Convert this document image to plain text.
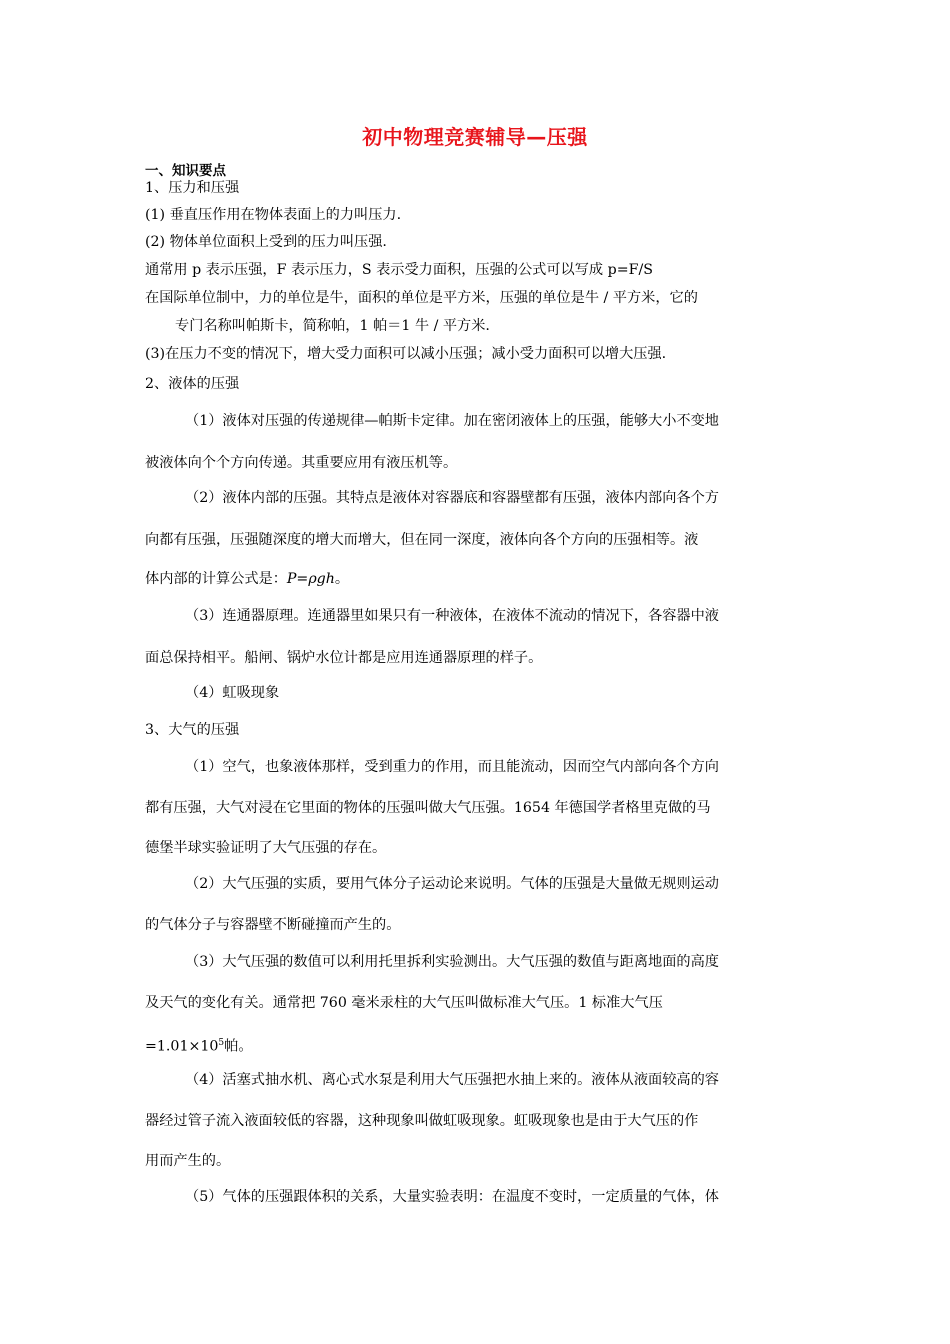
初中物理竞赛辅导—压强
一、知识要点
1、压力和压强
(1) 垂直压作用在物体表面上的力叫压力.
(2) 物体单位面积上受到的压力叫压强.
通常用 p 表示压强，F 表示压力，S 表示受力面积，压强的公式可以写成 p=F/S
在国际单位制中，力的单位是牛，面积的单位是平方米，压强的单位是牛 / 平方米，它的
专门名称叫帕斯卡，简称帕，1 帕＝1 牛 / 平方米.
(3)在压力不变的情况下，增大受力面积可以减小压强；减小受力面积可以增大压强.
2、液体的压强
（1）液体对压强的传递规律—帕斯卡定律。加在密闭液体上的压强，能够大小不变地
被液体向个个方向传递。其重要应用有液压机等。
（2）液体内部的压强。其特点是液体对容器底和容器壁都有压强，液体内部向各个方
向都有压强，压强随深度的增大而增大，但在同一深度，液体向各个方向的压强相等。液
体内部的计算公式是：P=ρgh。
（3）连通器原理。连通器里如果只有一种液体，在液体不流动的情况下，各容器中液
面总保持相平。船闸、锅炉水位计都是应用连通器原理的样子。
（4）虹吸现象
3、大气的压强
（1）空气，也象液体那样，受到重力的作用，而且能流动，因而空气内部向各个方向
都有压强，大气对浸在它里面的物体的压强叫做大气压强。1654 年德国学者格里克做的马
德堡半球实验证明了大气压强的存在。
（2）大气压强的实质，要用气体分子运动论来说明。气体的压强是大量做无规则运动
的气体分子与容器壁不断碰撞而产生的。
（3）大气压强的数值可以利用托里拆利实验测出。大气压强的数值与距离地面的高度
及天气的变化有关。通常把 760 毫米汞柱的大气压叫做标准大气压。1 标准大气压
$=1.01\times 10^5$帕。
（4）活塞式抽水机、离心式水泵是利用大气压强把水抽上来的。液体从液面较高的容
器经过管子流入液面较低的容器，这种现象叫做虹吸现象。虹吸现象也是由于大气压的作
用而产生的。
（5）气体的压强跟体积的关系，大量实验表明：在温度不变时，一定质量的气体，体
